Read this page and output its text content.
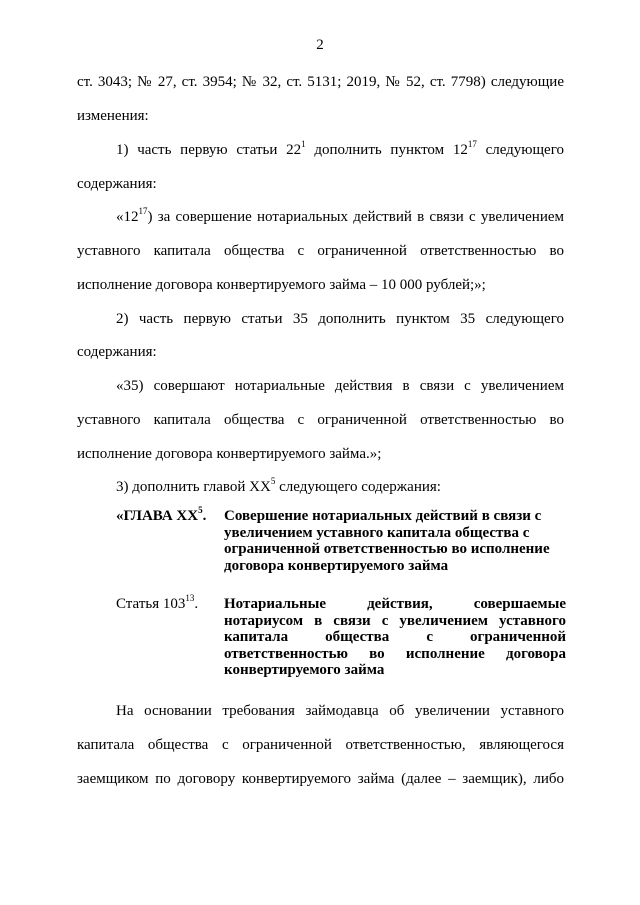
2
ст. 3043; № 27, ст. 3954; № 32, ст. 5131; 2019, № 52, ст. 7798) следующие
изменения:
1) часть первую статьи $22^1$ дополнить пунктом $12^{17}$ следующего
содержания:
«$12^{17}$) за совершение нотариальных действий в связи с увеличением
уставного капитала общества с ограниченной ответственностью во
исполнение договора конвертируемого займа – 10 000 рублей;»;
2) часть первую статьи 35 дополнить пунктом 35 следующего
содержания:
«35) совершают нотариальные действия в связи с увеличением
уставного капитала общества с ограниченной ответственностью во
исполнение договора конвертируемого займа.»;
3) дополнить главой $XX^5$ следующего содержания:
«ГЛАВА $XX^5$. Совершение нотариальных действий в связи с увеличением уставного капитала общества с ограниченной ответственностью во исполнение договора конвертируемого займа
Статья $103^{13}$. Нотариальные действия, совершаемые нотариусом в связи с увеличением уставного капитала общества с ограниченной ответственностью во исполнение договора конвертируемого займа
На основании требования займодавца об увеличении уставного
капитала общества с ограниченной ответственностью, являющегося
заемщиком по договору конвертируемого займа (далее – заемщик), либо
